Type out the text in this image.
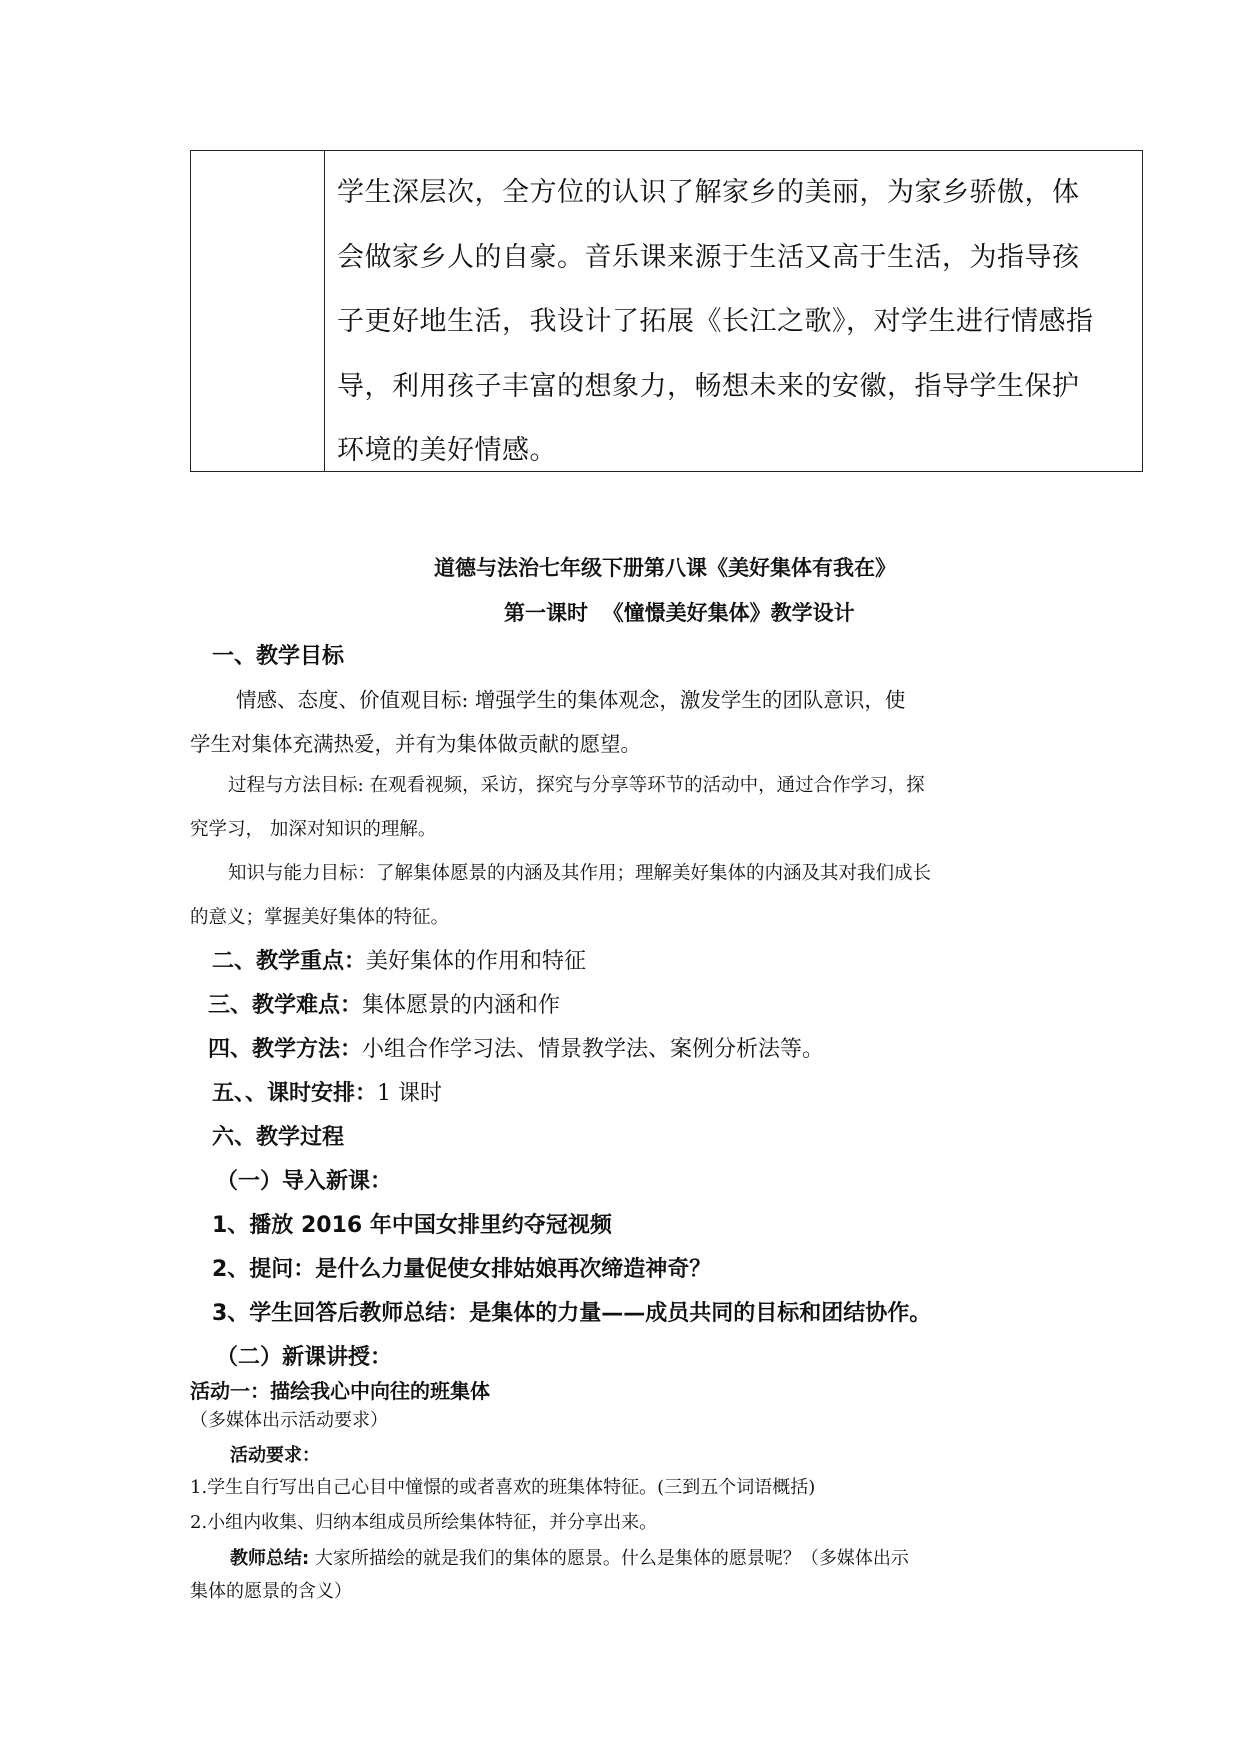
学生深层次，全方位的认识了解家乡的美丽，为家乡骄傲，体

会做家乡人的自豪。音乐课来源于生活又高于生活，为指导孩

子更好地生活，我设计了拓展《长江之歌》，对学生进行情感指

导，利用孩子丰富的想象力，畅想未来的安徽，指导学生保护

环境的美好情感。

道德与法治七年级下册第八课《美好集体有我在》

第一课时  《憧憬美好集体》教学设计

一、教学目标

情感、态度、价值观目标: 增强学生的集体观念，激发学生的团队意识，使

学生对集体充满热爱，并有为集体做贡献的愿望。

过程与方法目标: 在观看视频，采访，探究与分享等环节的活动中，通过合作学习，探

究学习， 加深对知识的理解。

知识与能力目标：了解集体愿景的内涵及其作用；理解美好集体的内涵及其对我们成长

的意义；掌握美好集体的特征。

二、教学重点：美好集体的作用和特征

三、教学难点：集体愿景的内涵和作

四、教学方法：小组合作学习法、情景教学法、案例分析法等。

五、、课时安排：1 课时

六、教学过程

（一）导入新课：

1、播放 2016 年中国女排里约夺冠视频

2、提问：是什么力量促使女排姑娘再次缔造神奇？

3、学生回答后教师总结：是集体的力量——成员共同的目标和团结协作。

（二）新课讲授：

活动一：描绘我心中向往的班集体

（多媒体出示活动要求）

活动要求：

1.学生自行写出自己心目中憧憬的或者喜欢的班集体特征。(三到五个词语概括)

2.小组内收集、归纳本组成员所绘集体特征，并分享出来。

教师总结: 大家所描绘的就是我们的集体的愿景。什么是集体的愿景呢？（多媒体出示

集体的愿景的含义）
